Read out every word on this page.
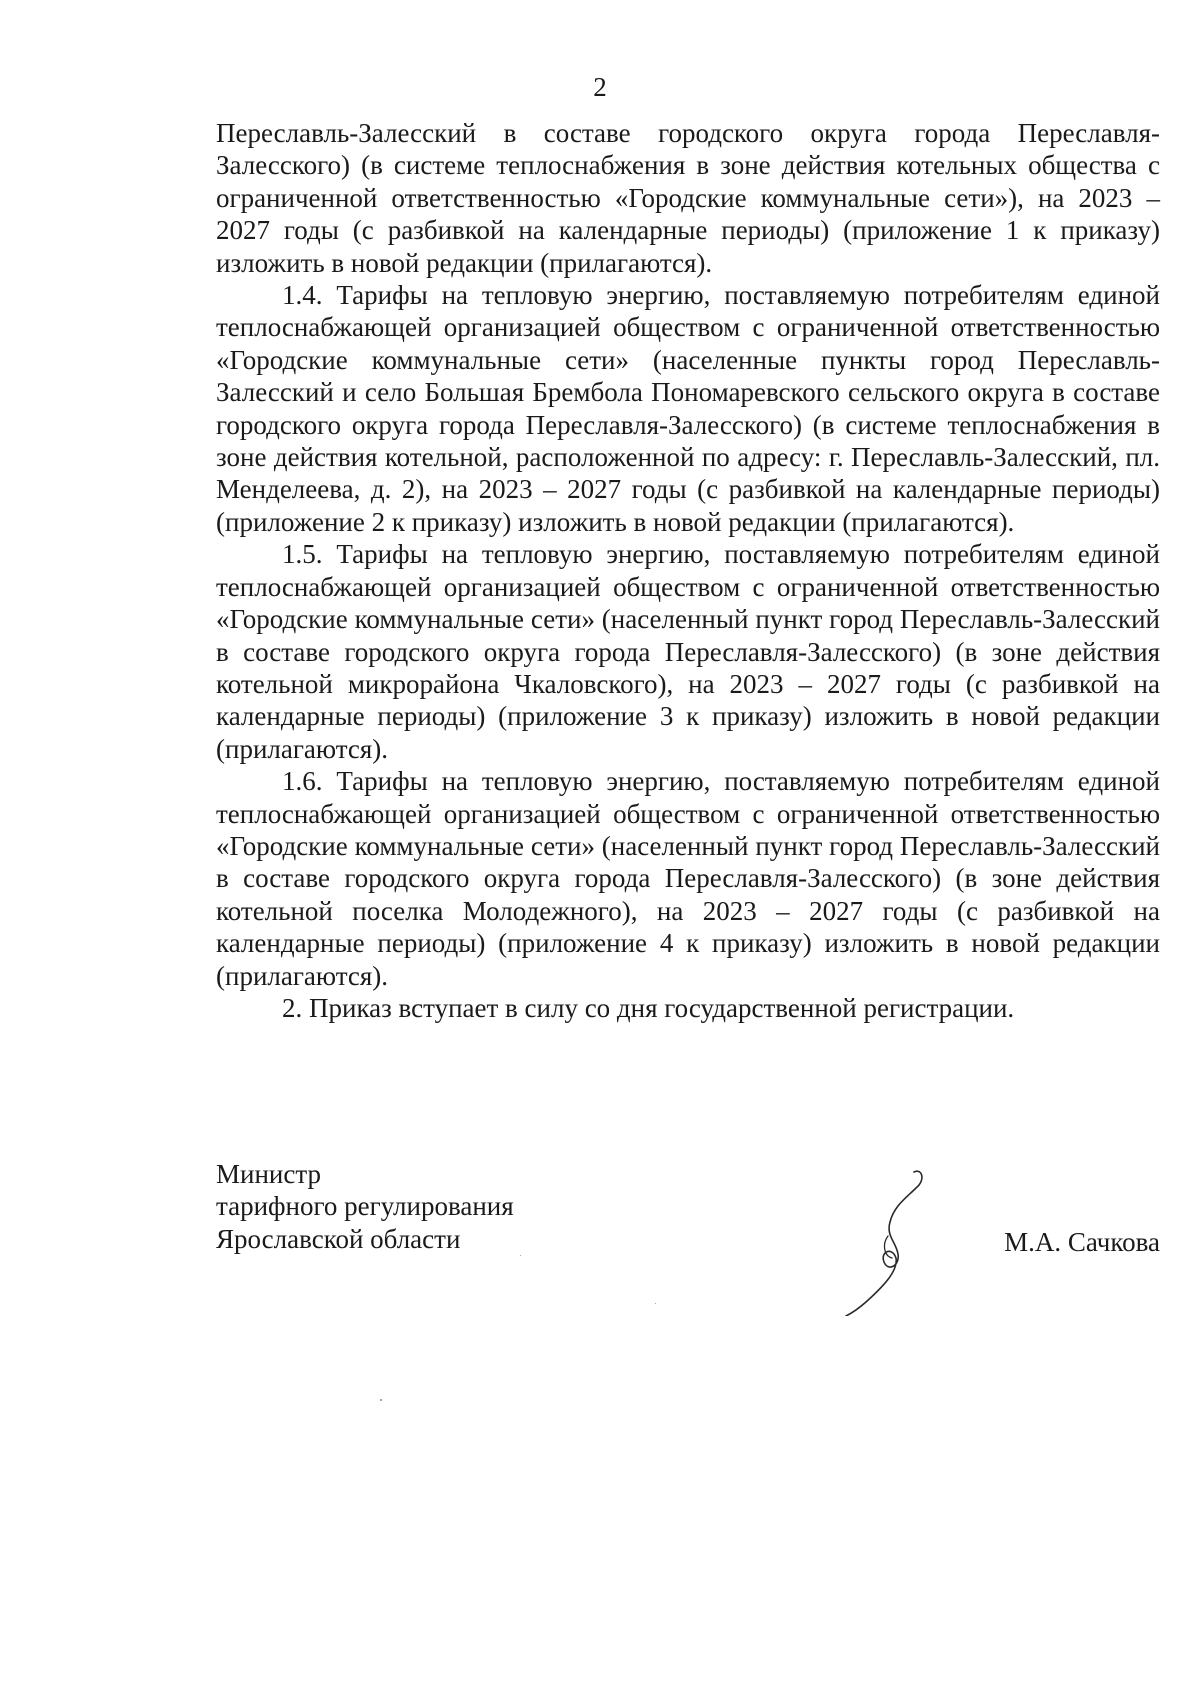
2

Переславль-Залесский в составе городского округа города Переславля-Залесского) (в системе теплоснабжения в зоне действия котельных общества с ограниченной ответственностью «Городские коммунальные сети»), на 2023 – 2027 годы (с разбивкой на календарные периоды) (приложение 1 к приказу) изложить в новой редакции (прилагаются).

1.4. Тарифы на тепловую энергию, поставляемую потребителям единой теплоснабжающей организацией обществом с ограниченной ответственностью «Городские коммунальные сети» (населенные пункты город Переславль-Залесский и село Большая Брембола Пономаревского сельского округа в составе городского округа города Переславля-Залесского) (в системе теплоснабжения в зоне действия котельной, расположенной по адресу: г. Переславль-Залесский, пл. Менделеева, д. 2), на 2023 – 2027 годы (с разбивкой на календарные периоды) (приложение 2 к приказу) изложить в новой редакции (прилагаются).

1.5. Тарифы на тепловую энергию, поставляемую потребителям единой теплоснабжающей организацией обществом с ограниченной ответственностью «Городские коммунальные сети» (населенный пункт город Переславль-Залесский в составе городского округа города Переславля-Залесского) (в зоне действия котельной микрорайона Чкаловского), на 2023 – 2027 годы (с разбивкой на календарные периоды) (приложение 3 к приказу) изложить в новой редакции (прилагаются).

1.6. Тарифы на тепловую энергию, поставляемую потребителям единой теплоснабжающей организацией обществом с ограниченной ответственностью «Городские коммунальные сети» (населенный пункт город Переславль-Залесский в составе городского округа города Переславля-Залесского) (в зоне действия котельной поселка Молодежного), на 2023 – 2027 годы (с разбивкой на календарные периоды) (приложение 4 к приказу) изложить в новой редакции (прилагаются).

2. Приказ вступает в силу со дня государственной регистрации.

Министр
тарифного регулирования
Ярославской области	М.А. Сачкова
